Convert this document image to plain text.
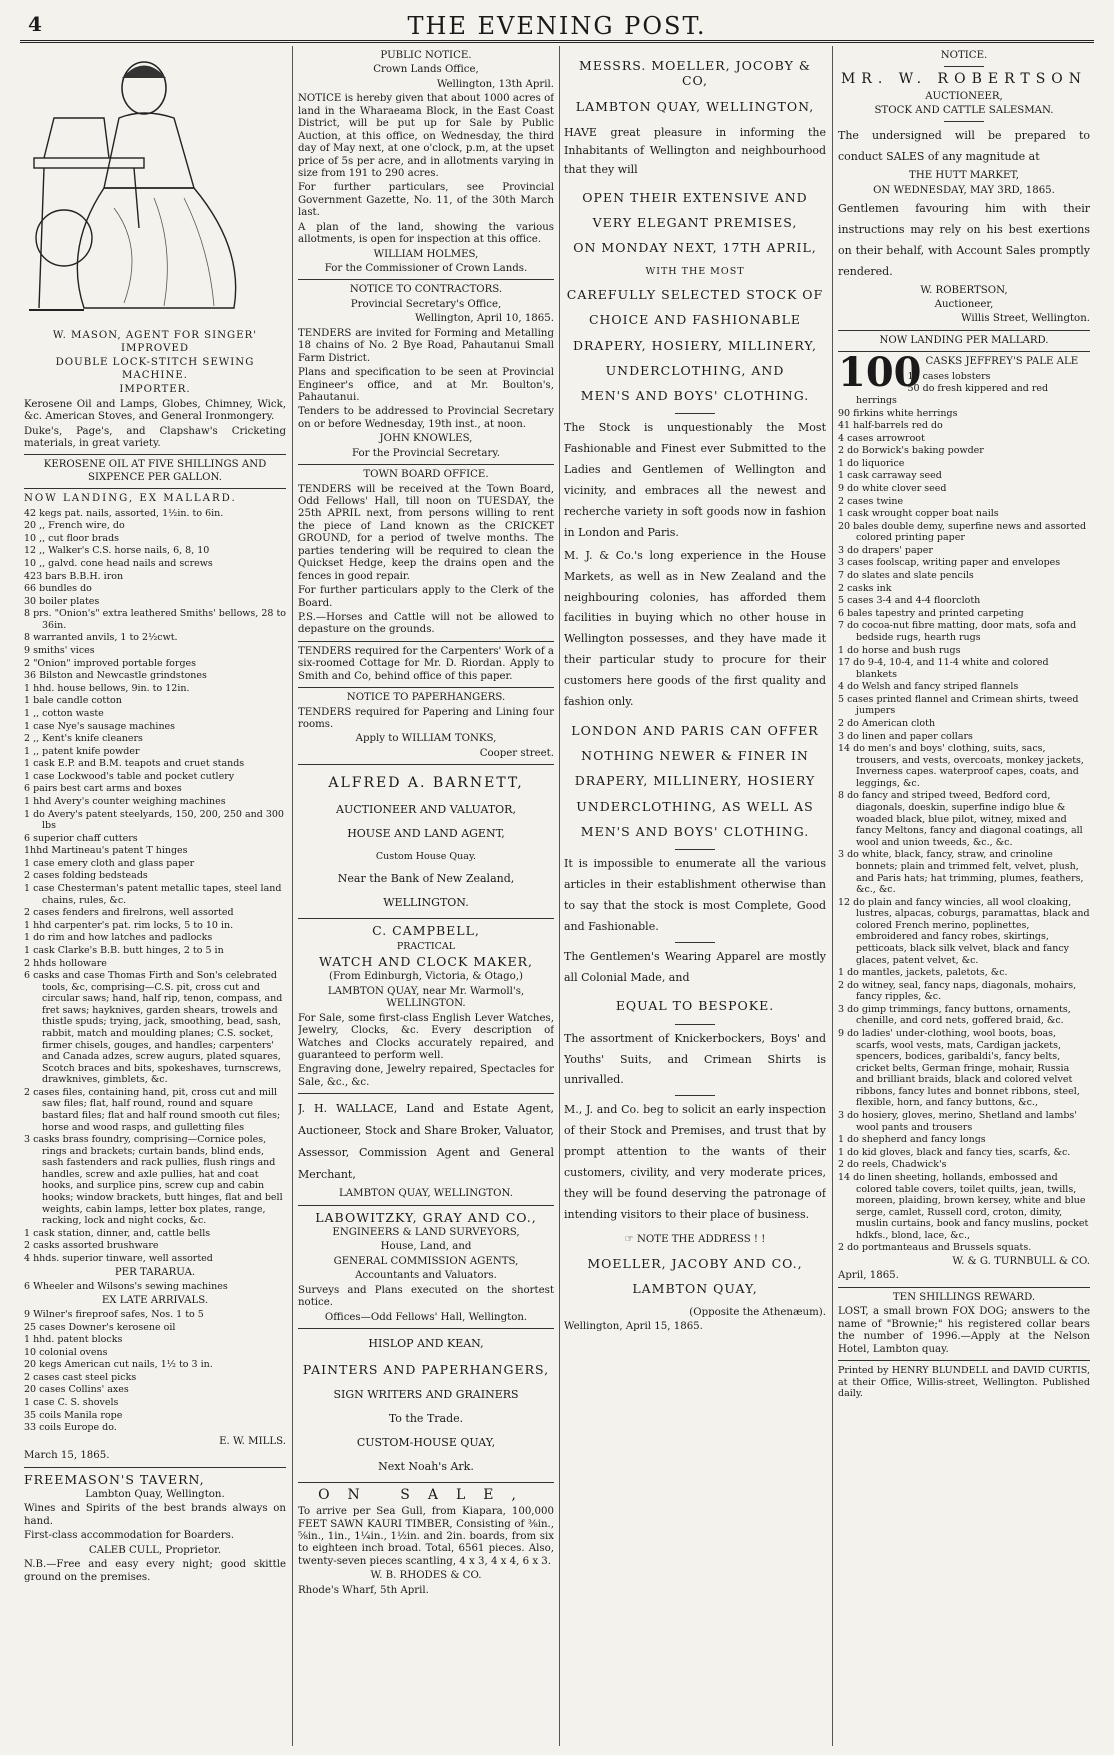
4	THE EVENING POST.

W. MASON, AGENT FOR SINGER' IMPROVED

DOUBLE LOCK-STITCH SEWING MACHINE.

IMPORTER.

Kerosene Oil and Lamps, Globes, Chimney, Wick, &c. American Stoves, and General Ironmongery.

Duke's, Page's, and Clapshaw's Cricketing materials, in great variety.

KEROSENE OIL AT FIVE SHILLINGS AND SIXPENCE PER GALLON.

NOW LANDING, EX MALLARD.

42 kegs pat. nails, assorted, 1½in. to 6in.
20 ,, French wire, do
10 ,, cut floor brads
12 ,, Walker's C.S. horse nails, 6, 8, 10
10 ,, galvd. cone head nails and screws
423 bars B.B.H. iron
66 bundles do
30 boiler plates
8 prs. "Onion's" extra leathered Smiths' bellows, 28 to 36in.
8 warranted anvils, 1 to 2½cwt.
9 smiths' vices
2 "Onion" improved portable forges
36 Bilston and Newcastle grindstones
1 hhd. house bellows, 9in. to 12in.
1 bale candle cotton
1 ,, cotton waste
1 case Nye's sausage machines
2 ,, Kent's knife cleaners
1 ,, patent knife powder
1 cask E.P. and B.M. teapots and cruet stands
1 case Lockwood's table and pocket cutlery
6 pairs best cart arms and boxes
1 hhd Avery's counter weighing machines
1 do Avery's patent steelyards, 150, 200, 250 and 300 lbs
6 superior chaff cutters
1hhd Martineau's patent T hinges
1 case emery cloth and glass paper
2 cases folding bedsteads
1 case Chesterman's patent metallic tapes, steel land chains, rules, &c.
2 cases fenders and firelrons, well assorted
1 hhd carpenter's pat. rim locks, 5 to 10 in.
1 do rim and how latches and padlocks
1 cask Clarke's B.B. butt hinges, 2 to 5 in
2 hhds holloware
6 casks and case Thomas Firth and Son's celebrated tools, &c, comprising—C.S. pit, cross cut and circular saws; hand, half rip, tenon, compass, and fret saws; hayknives, garden shears, trowels and thistle spuds; trying, jack, smoothing, bead, sash, rabbit, match and moulding planes; C.S. socket, firmer chisels, gouges, and handles; carpenters' and Canada adzes, screw augurs, plated squares, Scotch braces and bits, spokeshaves, turnscrews, drawknives, gimblets, &c.
2 cases files, containing hand, pit, cross cut and mill saw files; flat, half round, round and square bastard files; flat and half round smooth cut files; horse and wood rasps, and gulletting files
3 casks brass foundry, comprising—Cornice poles, rings and brackets; curtain bands, blind ends, sash fastenders and rack pullies, flush rings and handles, screw and axle pullies, hat and coat hooks, and surplice pins, screw cup and cabin hooks; window brackets, butt hinges, flat and bell weights, cabin lamps, letter box plates, range, racking, lock and night cocks, &c.
1 cask station, dinner, and, cattle bells
2 casks assorted brushware
4 hhds. superior tinware, well assorted

PER TARARUA.

6 Wheeler and Wilsons's sewing machines

EX LATE ARRIVALS.

9 Wilner's fireproof safes, Nos. 1 to 5
25 cases Downer's kerosene oil
1 hhd. patent blocks
10 colonial ovens
20 kegs American cut nails, 1½ to 3 in.
2 cases cast steel picks
20 cases Collins' axes
1 case C. S. shovels
35 coils Manila rope
33 coils Europe do.

E. W. MILLS.

March 15, 1865.

FREEMASON'S TAVERN,

Lambton Quay, Wellington.

Wines and Spirits of the best brands always on hand.

First-class accommodation for Boarders.

CALEB CULL, Proprietor.

N.B.—Free and easy every night; good skittle ground on the premises.

PUBLIC NOTICE.

Crown Lands Office,

Wellington, 13th April.

NOTICE is hereby given that about 1000 acres of land in the Wharaeama Block, in the East Coast District, will be put up for Sale by Public Auction, at this office, on Wednesday, the third day of May next, at one o'clock, p.m, at the upset price of 5s per acre, and in allotments varying in size from 191 to 290 acres.

For further particulars, see Provincial Government Gazette, No. 11, of the 30th March last.

A plan of the land, showing the various allotments, is open for inspection at this office.

WILLIAM HOLMES,

For the Commissioner of Crown Lands.

NOTICE TO CONTRACTORS.

Provincial Secretary's Office,

Wellington, April 10, 1865.

TENDERS are invited for Forming and Metalling 18 chains of No. 2 Bye Road, Pahautanui Small Farm District.

Plans and specification to be seen at Provincial Engineer's office, and at Mr. Boulton's, Pahautanui.

Tenders to be addressed to Provincial Secretary on or before Wednesday, 19th inst., at noon.

JOHN KNOWLES,

For the Provincial Secretary.

TOWN BOARD OFFICE.

TENDERS will be received at the Town Board, Odd Fellows' Hall, till noon on TUESDAY, the 25th APRIL next, from persons willing to rent the piece of Land known as the CRICKET GROUND, for a period of twelve months. The parties tendering will be required to clean the Quickset Hedge, keep the drains open and the fences in good repair.

For further particulars apply to the Clerk of the Board.

P.S.—Horses and Cattle will not be allowed to depasture on the grounds.

TENDERS required for the Carpenters' Work of a six-roomed Cottage for Mr. D. Riordan. Apply to Smith and Co, behind office of this paper.

NOTICE TO PAPERHANGERS.

TENDERS required for Papering and Lining four rooms.

Apply to WILLIAM TONKS,

Cooper street.

ALFRED A. BARNETT,

AUCTIONEER AND VALUATOR,

HOUSE AND LAND AGENT,

Custom House Quay.

Near the Bank of New Zealand,

WELLINGTON.

C. CAMPBELL,

PRACTICAL

WATCH AND CLOCK MAKER,

(From Edinburgh, Victoria, & Otago,)

LAMBTON QUAY, near Mr. Warmoll's, WELLINGTON.

For Sale, some first-class English Lever Watches, Jewelry, Clocks, &c. Every description of Watches and Clocks accurately repaired, and guaranteed to perform well.

Engraving done, Jewelry repaired, Spectacles for Sale, &c., &c.

J. H. WALLACE, Land and Estate Agent, Auctioneer, Stock and Share Broker, Valuator, Assessor, Commission Agent and General Merchant,

LAMBTON QUAY, WELLINGTON.

LABOWITZKY, GRAY AND CO.,

ENGINEERS & LAND SURVEYORS,

House, Land, and

GENERAL COMMISSION AGENTS,

Accountants and Valuators.

Surveys and Plans executed on the shortest notice.

Offices—Odd Fellows' Hall, Wellington.

HISLOP AND KEAN,

PAINTERS AND PAPERHANGERS,

SIGN WRITERS AND GRAINERS

To the Trade.

CUSTOM-HOUSE QUAY,

Next Noah's Ark.

ON SALE,

To arrive per Sea Gull, from Kiapara, 100,000 FEET SAWN KAURI TIMBER, Consisting of ⅜in., ⅝in., 1in., 1¼in., 1½in. and 2in. boards, from six to eighteen inch broad. Total, 6561 pieces. Also, twenty-seven pieces scantling, 4 x 3, 4 x 4, 6 x 3.

W. B. RHODES & CO.

Rhode's Wharf, 5th April.

MESSRS. MOELLER, JOCOBY & CO,

LAMBTON QUAY, WELLINGTON,

HAVE great pleasure in informing the Inhabitants of Wellington and neighbourhood that they will

OPEN THEIR EXTENSIVE AND

VERY ELEGANT PREMISES,

ON MONDAY NEXT, 17TH APRIL,

WITH THE MOST

CAREFULLY SELECTED STOCK OF

CHOICE AND FASHIONABLE

DRAPERY, HOSIERY, MILLINERY,

UNDERCLOTHING, AND

MEN'S AND BOYS' CLOTHING.

The Stock is unquestionably the Most Fashionable and Finest ever Submitted to the Ladies and Gentlemen of Wellington and vicinity, and embraces all the newest and recherche variety in soft goods now in fashion in London and Paris.

M. J. & Co.'s long experience in the House Markets, as well as in New Zealand and the neighbouring colonies, has afforded them facilities in buying which no other house in Wellington possesses, and they have made it their particular study to procure for their customers here goods of the first quality and fashion only.

LONDON AND PARIS CAN OFFER

NOTHING NEWER & FINER IN

DRAPERY, MILLINERY, HOSIERY

UNDERCLOTHING, AS WELL AS

MEN'S AND BOYS' CLOTHING.

It is impossible to enumerate all the various articles in their establishment otherwise than to say that the stock is most Complete, Good and Fashionable.

The Gentlemen's Wearing Apparel are mostly all Colonial Made, and

EQUAL TO BESPOKE.

The assortment of Knickerbockers, Boys' and Youths' Suits, and Crimean Shirts is unrivalled.

M., J. and Co. beg to solicit an early inspection of their Stock and Premises, and trust that by prompt attention to the wants of their customers, civility, and very moderate prices, they will be found deserving the patronage of intending visitors to their place of business.

☞ NOTE THE ADDRESS ! !

MOELLER, JACOBY AND CO.,

LAMBTON QUAY,

(Opposite the Athenæum).

Wellington, April 15, 1865.

NOTICE.

MR. W. ROBERTSON

AUCTIONEER,

STOCK AND CATTLE SALESMAN.

The undersigned will be prepared to conduct SALES of any magnitude at

THE HUTT MARKET,

ON WEDNESDAY, MAY 3RD, 1865.

Gentlemen favouring him with their instructions may rely on his best exertions on their behalf, with Account Sales promptly rendered.

W. ROBERTSON,

Auctioneer,

Willis Street, Wellington.

NOW LANDING PER MALLARD.

100 CASKS JEFFREY'S PALE ALE

12 cases lobsters
50 do fresh kippered and red herrings
90 firkins white herrings
41 half-barrels red do
4 cases arrowroot
2 do Borwick's baking powder
1 do liquorice
1 cask carraway seed
9 do white clover seed
2 cases twine
1 cask wrought copper boat nails
20 bales double demy, superfine news and assorted colored printing paper
3 do drapers' paper
3 cases foolscap, writing paper and envelopes
7 do slates and slate pencils
2 casks ink
5 cases 3-4 and 4-4 floorcloth
6 bales tapestry and printed carpeting
7 do cocoa-nut fibre matting, door mats, sofa and bedside rugs, hearth rugs
1 do horse and bush rugs
17 do 9-4, 10-4, and 11-4 white and colored blankets
4 do Welsh and fancy striped flannels
5 cases printed flannel and Crimean shirts, tweed jumpers
2 do American cloth
3 do linen and paper collars
14 do men's and boys' clothing, suits, sacs, trousers, and vests, overcoats, monkey jackets, Inverness capes. waterproof capes, coats, and leggings, &c.
8 do fancy and striped tweed, Bedford cord, diagonals, doeskin, superfine indigo blue & woaded black, blue pilot, witney, mixed and fancy Meltons, fancy and diagonal coatings, all wool and union tweeds, &c., &c.
3 do white, black, fancy, straw, and crinoline bonnets; plain and trimmed felt, velvet, plush, and Paris hats; hat trimming, plumes, feathers, &c., &c.
12 do plain and fancy wincies, all wool cloaking, lustres, alpacas, coburgs, paramattas, black and colored French merino, poplinettes, embroidered and fancy robes, skirtings, petticoats, black silk velvet, black and fancy glaces, patent velvet, &c.
1 do mantles, jackets, paletots, &c.
2 do witney, seal, fancy naps, diagonals, mohairs, fancy ripples, &c.
3 do gimp trimmings, fancy buttons, ornaments, chenille, and cord nets, goffered braid, &c.
9 do ladies' under-clothing, wool boots, boas, scarfs, wool vests, mats, Cardigan jackets, spencers, bodices, garibaldi's, fancy belts, cricket belts, German fringe, mohair, Russia and brilliant braids, black and colored velvet ribbons, fancy lutes and bonnet ribbons, steel, flexible, horn, and fancy buttons, &c.,
3 do hosiery, gloves, merino, Shetland and lambs' wool pants and trousers
1 do shepherd and fancy longs
1 do kid gloves, black and fancy ties, scarfs, &c.
2 do reels, Chadwick's
14 do linen sheeting, hollands, embossed and colored table covers, toilet quilts, jean, twills, moreen, plaiding, brown kersey, white and blue serge, camlet, Russell cord, croton, dimity, muslin curtains, book and fancy muslins, pocket hdkfs., blond, lace, &c.,
2 do portmanteaus and Brussels squats.

W. & G. TURNBULL & CO.

April, 1865.

TEN SHILLINGS REWARD.

LOST, a small brown FOX DOG; answers to the name of "Brownie;" his registered collar bears the number of 1996.—Apply at the Nelson Hotel, Lambton quay.

Printed by HENRY BLUNDELL and DAVID CURTIS, at their Office, Willis-street, Wellington. Published daily.
